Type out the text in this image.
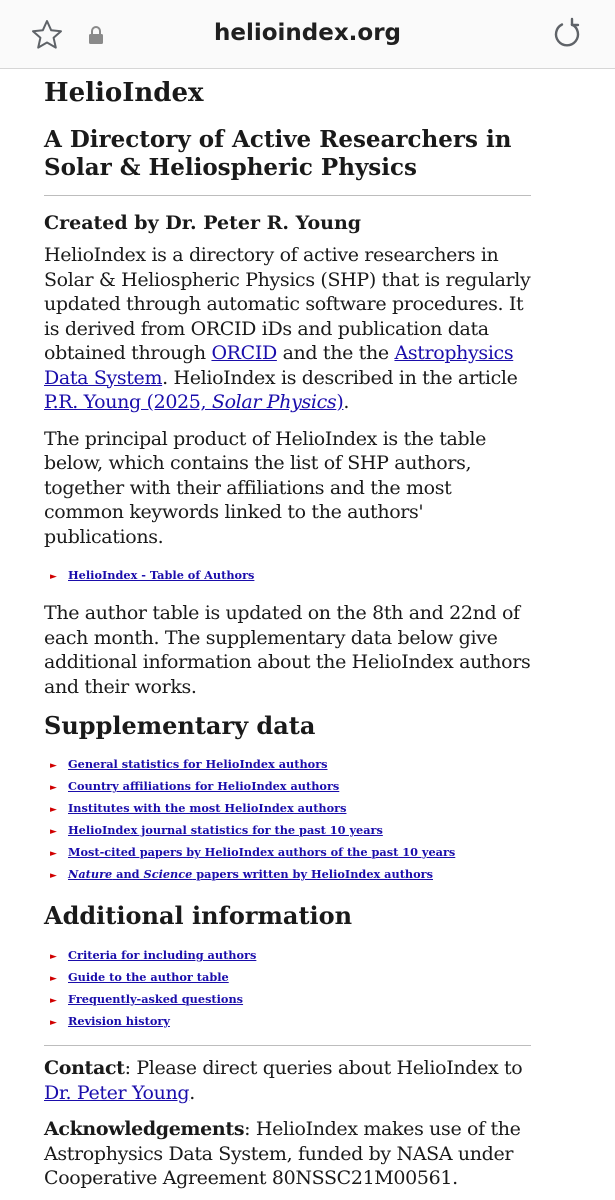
helioindex.org
HelioIndex
A Directory of Active Researchers in Solar & Heliospheric Physics
Created by Dr. Peter R. Young

HelioIndex is a directory of active researchers in Solar & Heliospheric Physics (SHP) that is regularly updated through automatic software procedures. It is derived from ORCID iDs and publication data obtained through ORCID and the the Astrophysics Data System. HelioIndex is described in the article P.R. Young (2025, Solar Physics).

The principal product of HelioIndex is the table below, which contains the list of SHP authors, together with their affiliations and the most common keywords linked to the authors' publications.

► HelioIndex - Table of Authors

The author table is updated on the 8th and 22nd of each month. The supplementary data below give additional information about the HelioIndex authors and their works.

Supplementary data
► General statistics for HelioIndex authors
► Country affiliations for HelioIndex authors
► Institutes with the most HelioIndex authors
► HelioIndex journal statistics for the past 10 years
► Most-cited papers by HelioIndex authors of the past 10 years
► Nature and Science papers written by HelioIndex authors
Additional information
► Criteria for including authors
► Guide to the author table
► Frequently-asked questions
► Revision history

Contact: Please direct queries about HelioIndex to Dr. Peter Young.

Acknowledgements: HelioIndex makes use of the Astrophysics Data System, funded by NASA under Cooperative Agreement 80NSSC21M00561.
